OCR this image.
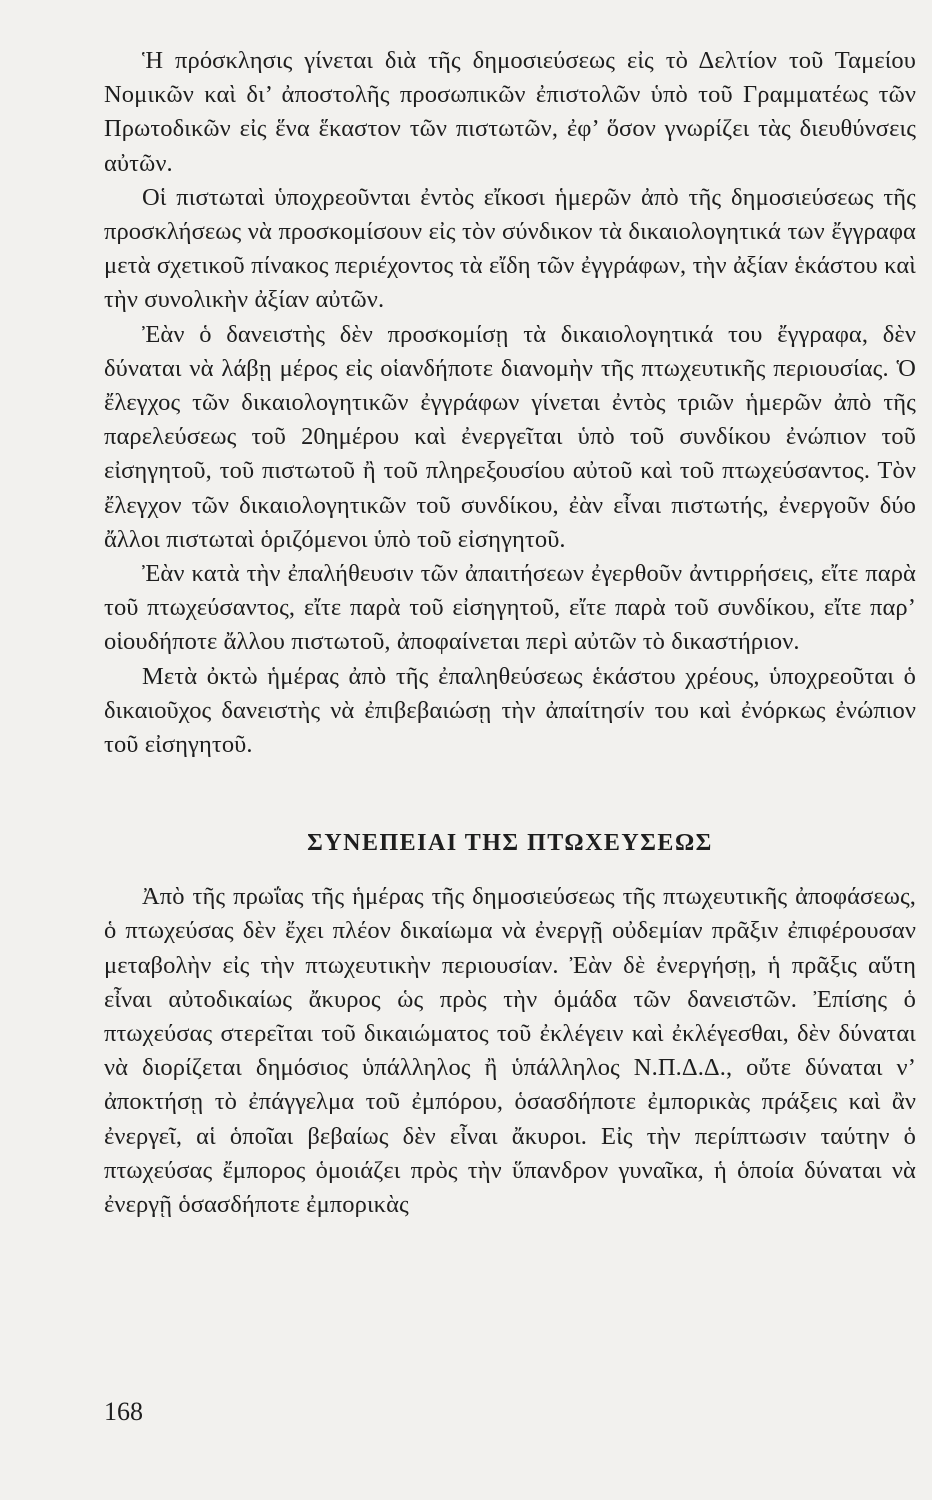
Ἡ πρόσκλησις γίνεται διὰ τῆς δημοσιεύσεως εἰς τὸ Δελτίον τοῦ Ταμείου Νομικῶν καὶ δι’ ἀποστολῆς προσωπικῶν ἐπιστολῶν ὑπὸ τοῦ Γραμματέως τῶν Πρωτοδικῶν εἰς ἕνα ἕκαστον τῶν πιστωτῶν, ἐφ’ ὅσον γνωρίζει τὰς διευθύνσεις αὐτῶν.

Οἱ πιστωταὶ ὑποχρεοῦνται ἐντὸς εἴκοσι ἡμερῶν ἀπὸ τῆς δημοσιεύσεως τῆς προσκλήσεως νὰ προσκομίσουν εἰς τὸν σύνδικον τὰ δικαιολογητικά των ἔγγραφα μετὰ σχετικοῦ πίνακος περιέχοντος τὰ εἴδη τῶν ἐγγράφων, τὴν ἀξίαν ἑκάστου καὶ τὴν συνολικὴν ἀξίαν αὐτῶν.

Ἐὰν ὁ δανειστὴς δὲν προσκομίσῃ τὰ δικαιολογητικά του ἔγγραφα, δὲν δύναται νὰ λάβῃ μέρος εἰς οἱανδήποτε διανομὴν τῆς πτωχευτικῆς περιουσίας. Ὁ ἔλεγχος τῶν δικαιολογητικῶν ἐγγράφων γίνεται ἐντὸς τριῶν ἡμερῶν ἀπὸ τῆς παρελεύσεως τοῦ 20ημέρου καὶ ἐνεργεῖται ὑπὸ τοῦ συνδίκου ἐνώπιον τοῦ εἰσηγητοῦ, τοῦ πιστωτοῦ ἢ τοῦ πληρεξουσίου αὐτοῦ καὶ τοῦ πτωχεύσαντος. Τὸν ἔλεγχον τῶν δικαιολογητικῶν τοῦ συνδίκου, ἐὰν εἶναι πιστωτής, ἐνεργοῦν δύο ἄλλοι πιστωταὶ ὁριζόμενοι ὑπὸ τοῦ εἰσηγητοῦ.

Ἐὰν κατὰ τὴν ἐπαλήθευσιν τῶν ἀπαιτήσεων ἐγερθοῦν ἀντιρρήσεις, εἴτε παρὰ τοῦ πτωχεύσαντος, εἴτε παρὰ τοῦ εἰσηγητοῦ, εἴτε παρὰ τοῦ συνδίκου, εἴτε παρ’ οἱουδήποτε ἄλλου πιστωτοῦ, ἀποφαίνεται περὶ αὐτῶν τὸ δικαστήριον.

Μετὰ ὀκτὼ ἡμέρας ἀπὸ τῆς ἐπαληθεύσεως ἑκάστου χρέους, ὑποχρεοῦται ὁ δικαιοῦχος δανειστὴς νὰ ἐπιβεβαιώσῃ τὴν ἀπαίτησίν του καὶ ἐνόρκως ἐνώπιον τοῦ εἰσηγητοῦ.

ΣΥΝΕΠΕΙΑΙ ΤΗΣ ΠΤΩΧΕΥΣΕΩΣ

Ἀπὸ τῆς πρωΐας τῆς ἡμέρας τῆς δημοσιεύσεως τῆς πτωχευτικῆς ἀποφάσεως, ὁ πτωχεύσας δὲν ἔχει πλέον δικαίωμα νὰ ἐνεργῇ οὐδεμίαν πρᾶξιν ἐπιφέρουσαν μεταβολὴν εἰς τὴν πτωχευτικὴν περιουσίαν. Ἐὰν δὲ ἐνεργήσῃ, ἡ πρᾶξις αὕτη εἶναι αὐτοδικαίως ἄκυρος ὡς πρὸς τὴν ὁμάδα τῶν δανειστῶν. Ἐπίσης ὁ πτωχεύσας στερεῖται τοῦ δικαιώματος τοῦ ἐκλέγειν καὶ ἐκλέγεσθαι, δὲν δύναται νὰ διορίζεται δημόσιος ὑπάλληλος ἢ ὑπάλληλος Ν.Π.Δ.Δ., οὔτε δύναται ν’ ἀποκτήσῃ τὸ ἐπάγγελμα τοῦ ἐμπόρου, ὁσασδήποτε ἐμπορικὰς πράξεις καὶ ἂν ἐνεργεῖ, αἱ ὁποῖαι βεβαίως δὲν εἶναι ἄκυροι. Εἰς τὴν περίπτωσιν ταύτην ὁ πτωχεύσας ἔμπορος ὁμοιάζει πρὸς τὴν ὕπανδρον γυναῖκα, ἡ ὁποία δύναται νὰ ἐνεργῇ ὁσασδήποτε ἐμπορικὰς

168
